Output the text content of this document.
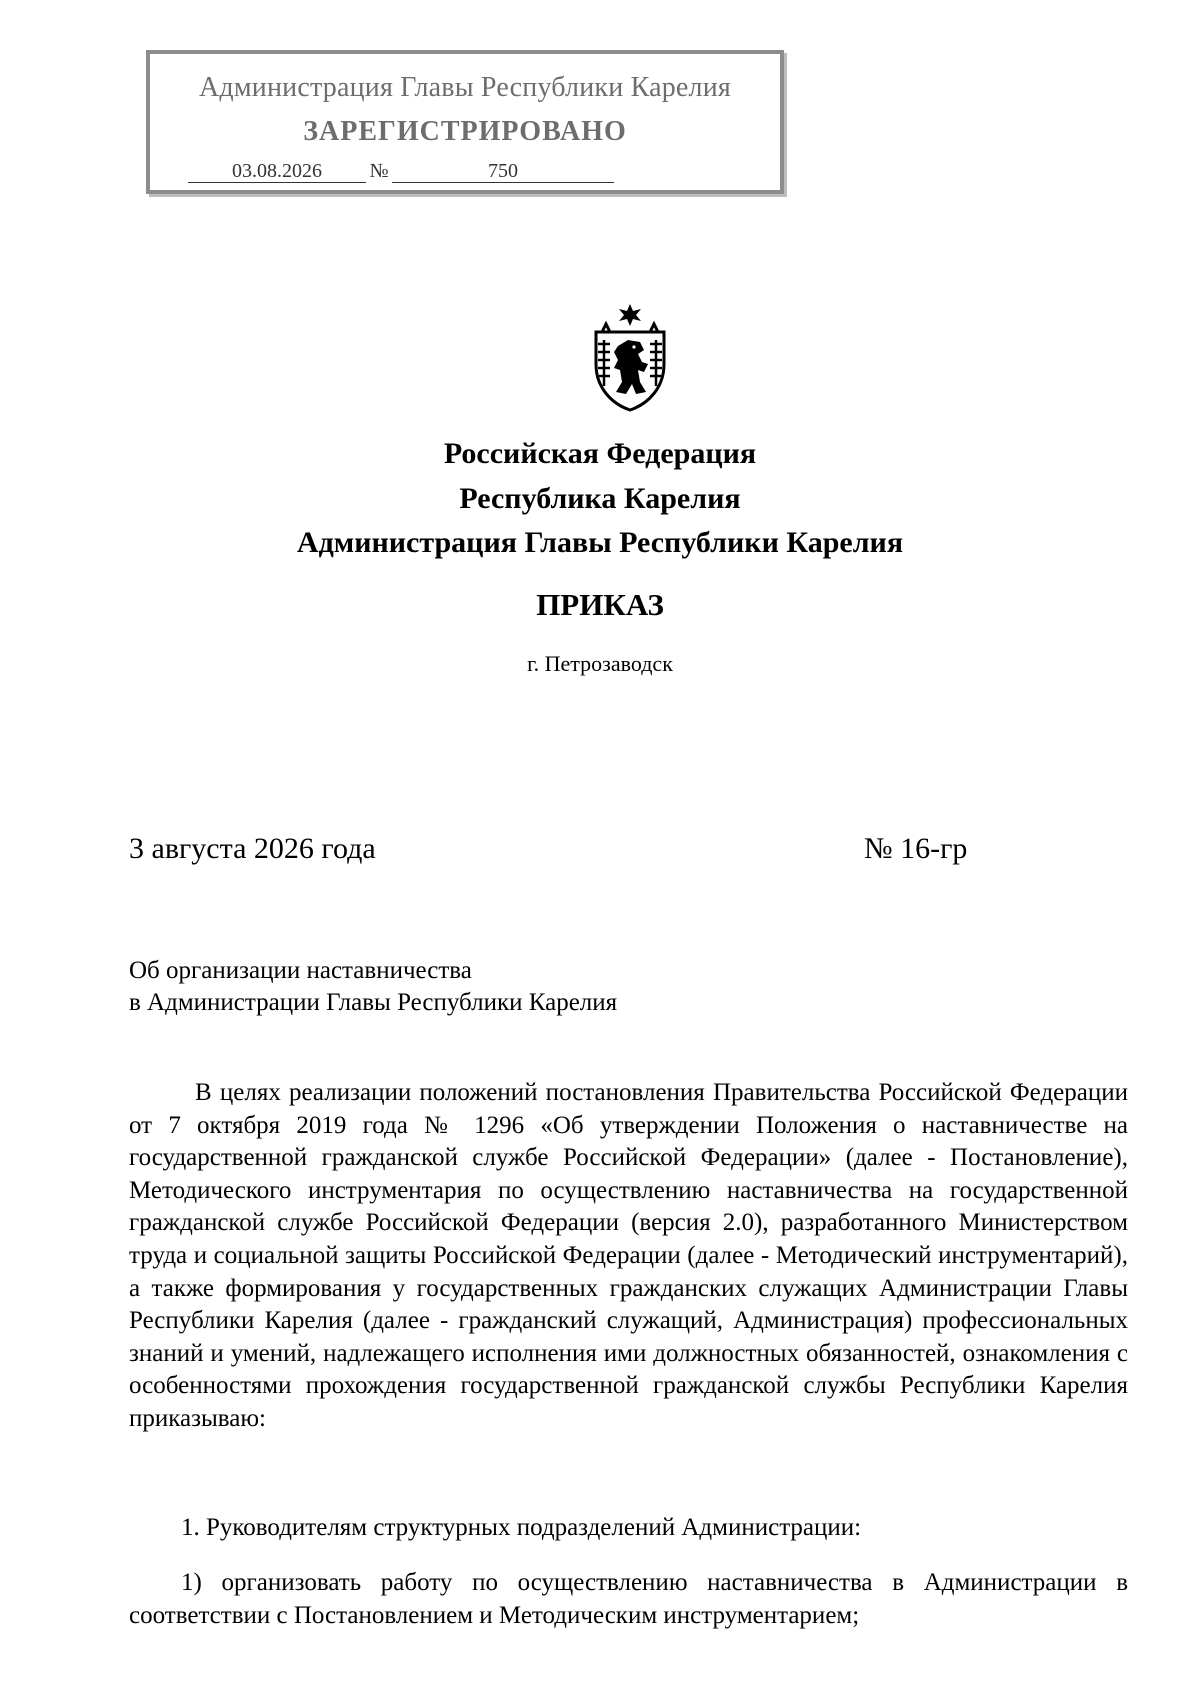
Администрация Главы Республики Карелия
ЗАРЕГИСТРИРОВАНО
03.08.2026 №	750
Российская Федерация
Республика Карелия
Администрация Главы Республики Карелия
ПРИКАЗ
г. Петрозаводск
3 августа 2026 года	№ 16-гр
Об организации наставничества
в Администрации Главы Республики Карелия
В целях реализации положений постановления Правительства Российской Федерации от 7 октября 2019 года № 1296 «Об утверждении Положения о наставничестве на государственной гражданской службе Российской Федерации» (далее - Постановление), Методического инструментария по осуществлению наставничества на государственной гражданской службе Российской Федерации (версия 2.0), разработанного Министерством труда и социальной защиты Российской Федерации (далее - Методический инструментарий), а также формирования у государственных гражданских служащих Администрации Главы Республики Карелия (далее - гражданский служащий, Администрация) профессиональных знаний и умений, надлежащего исполнения ими должностных обязанностей, ознакомления с особенностями прохождения государственной гражданской службы Республики Карелия приказываю:
1. Руководителям структурных подразделений Администрации:
1) организовать работу по осуществлению наставничества в Администрации в соответствии с Постановлением и Методическим инструментарием;
